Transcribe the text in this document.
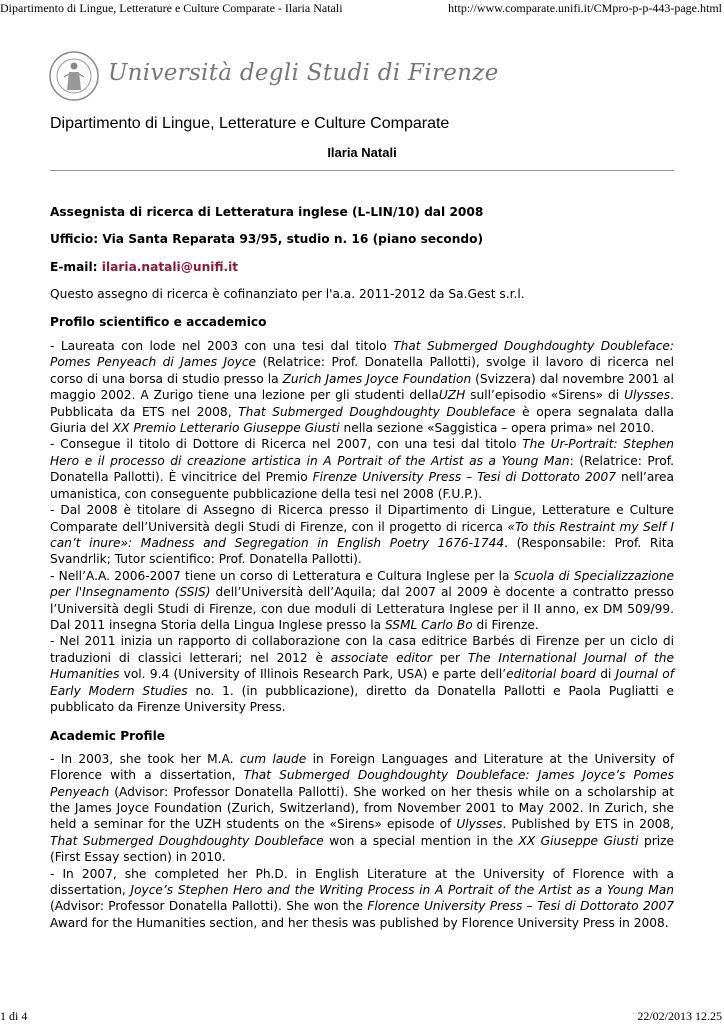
Dipartimento di Lingue, Letterature e Culture Comparate - Ilaria Natali	http://www.comparate.unifi.it/CMpro-p-p-443-page.html
Università degli Studi di Firenze
Dipartimento di Lingue, Letterature e Culture Comparate
Ilaria Natali

Assegnista di ricerca di Letteratura inglese (L-LIN/10) dal 2008

Ufficio: Via Santa Reparata 93/95, studio n. 16 (piano secondo)

E-mail: ilaria.natali@unifi.it

Questo assegno di ricerca è cofinanziato per l'a.a. 2011-2012 da Sa.Gest s.r.l.

Profilo scientifico e accademico

- Laureata con lode nel 2003 con una tesi dal titolo That Submerged Doughdoughty Doubleface: Pomes Penyeach di James Joyce (Relatrice: Prof. Donatella Pallotti), svolge il lavoro di ricerca nel corso di una borsa di studio presso la Zurich James Joyce Foundation (Svizzera) dal novembre 2001 al maggio 2002. A Zurigo tiene una lezione per gli studenti dellaUZH sull’episodio «Sirens» di Ulysses. Pubblicata da ETS nel 2008, That Submerged Doughdoughty Doubleface è opera segnalata dalla Giuria del XX Premio Letterario Giuseppe Giusti nella sezione «Saggistica – opera prima» nel 2010.

- Consegue il titolo di Dottore di Ricerca nel 2007, con una tesi dal titolo The Ur-Portrait: Stephen Hero e il processo di creazione artistica in A Portrait of the Artist as a Young Man: (Relatrice: Prof. Donatella Pallotti). È vincitrice del Premio Firenze University Press – Tesi di Dottorato 2007 nell’area umanistica, con conseguente pubblicazione della tesi nel 2008 (F.U.P.).

- Dal 2008 è titolare di Assegno di Ricerca presso il Dipartimento di Lingue, Letterature e Culture Comparate dell’Università degli Studi di Firenze, con il progetto di ricerca «To this Restraint my Self I can’t inure»: Madness and Segregation in English Poetry 1676-1744. (Responsabile: Prof. Rita Svandrlik; Tutor scientifico: Prof. Donatella Pallotti).

- Nell’A.A. 2006-2007 tiene un corso di Letteratura e Cultura Inglese per la Scuola di Specializzazione per l'Insegnamento (SSIS) dell’Università dell’Aquila; dal 2007 al 2009 è docente a contratto presso l’Università degli Studi di Firenze, con due moduli di Letteratura Inglese per il II anno, ex DM 509/99. Dal 2011 insegna Storia della Lingua Inglese presso la SSML Carlo Bo di Firenze.

- Nel 2011 inizia un rapporto di collaborazione con la casa editrice Barbés di Firenze per un ciclo di traduzioni di classici letterari; nel 2012 è associate editor per The International Journal of the Humanities vol. 9.4 (University of Illinois Research Park, USA) e parte dell’editorial board di Journal of Early Modern Studies no. 1. (in pubblicazione), diretto da Donatella Pallotti e Paola Pugliatti e pubblicato da Firenze University Press.

Academic Profile

- In 2003, she took her M.A. cum laude in Foreign Languages and Literature at the University of Florence with a dissertation, That Submerged Doughdoughty Doubleface: James Joyce’s Pomes Penyeach (Advisor: Professor Donatella Pallotti). She worked on her thesis while on a scholarship at the James Joyce Foundation (Zurich, Switzerland), from November 2001 to May 2002. In Zurich, she held a seminar for the UZH students on the «Sirens» episode of Ulysses. Published by ETS in 2008, That Submerged Doughdoughty Doubleface won a special mention in the XX Giuseppe Giusti prize (First Essay section) in 2010.

- In 2007, she completed her Ph.D. in English Literature at the University of Florence with a dissertation, Joyce’s Stephen Hero and the Writing Process in A Portrait of the Artist as a Young Man (Advisor: Professor Donatella Pallotti). She won the Florence University Press – Tesi di Dottorato 2007 Award for the Humanities section, and her thesis was published by Florence University Press in 2008.

1 di 4	22/02/2013 12.25
